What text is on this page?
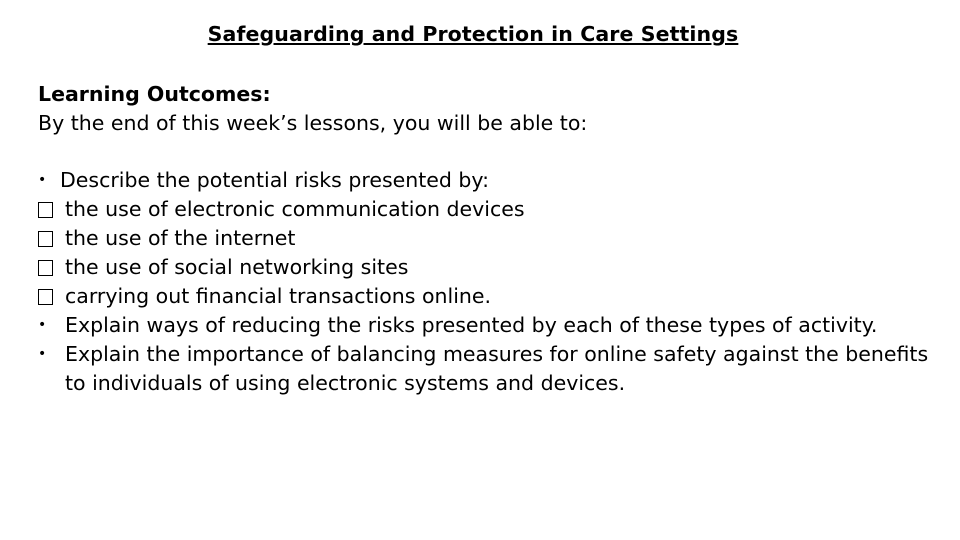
Safeguarding and Protection in Care Settings
Learning Outcomes:
By the end of this week’s lessons, you will be able to:
• Describe the potential risks presented by:
the use of electronic communication devices
the use of the internet
the use of social networking sites
carrying out financial transactions online.
• Explain ways of reducing the risks presented by each of these types of activity.
• Explain the importance of balancing measures for online safety against the benefits to individuals of using electronic systems and devices.
